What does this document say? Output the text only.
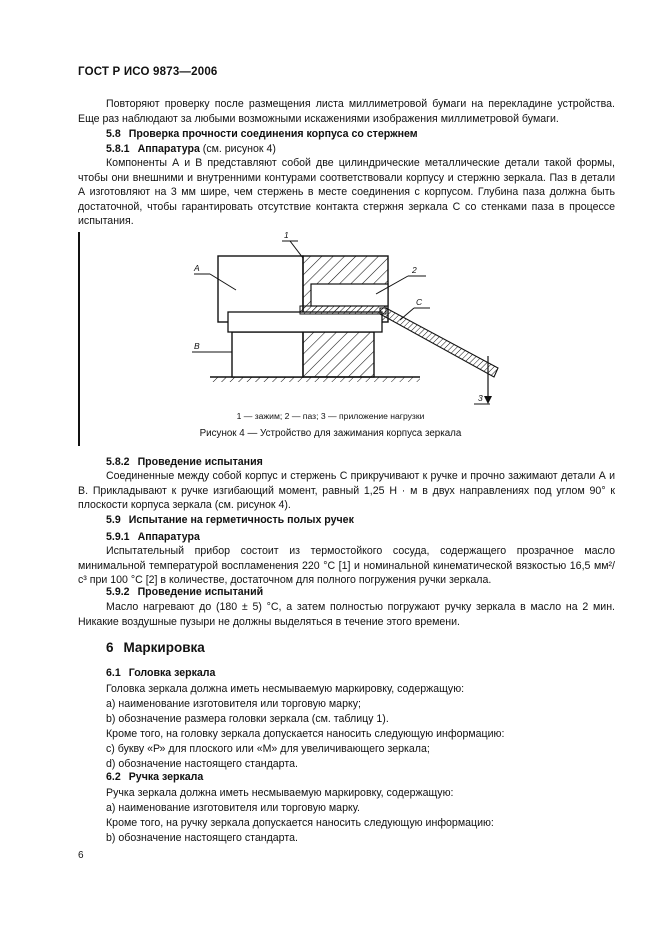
ГОСТ Р ИСО 9873—2006
Повторяют проверку после размещения листа миллиметровой бумаги на перекладине устройства. Еще раз наблюдают за любыми возможными искажениями изображения миллиметровой бумаги.
5.8 Проверка прочности соединения корпуса со стержнем
5.8.1 Аппаратура (см. рисунок 4)
Компоненты А и В представляют собой две цилиндрические металлические детали такой формы, чтобы они внешними и внутренними контурами соответствовали корпусу и стержню зеркала. Паз в детали А изготовляют на 3 мм шире, чем стержень в месте соединения с корпусом. Глубина паза должна быть достаточной, чтобы гарантировать отсутствие контакта стержня зеркала С со стенками паза в процессе испытания.
А
В
1
2
С
3
1 — зажим; 2 — паз; 3 — приложение нагрузки
Рисунок 4 — Устройство для зажимания корпуса зеркала
5.8.2 Проведение испытания
Соединенные между собой корпус и стержень С прикручивают к ручке и прочно зажимают детали А и В. Прикладывают к ручке изгибающий момент, равный 1,25 Н · м в двух направлениях под углом 90° к плоскости корпуса зеркала (см. рисунок 4).
5.9 Испытание на герметичность полых ручек
5.9.1 Аппаратура
Испытательный прибор состоит из термостойкого сосуда, содержащего прозрачное масло минимальной температурой воспламенения 220 °С [1] и номинальной кинематической вязкостью 16,5 мм²/с³ при 100 °С [2] в количестве, достаточном для полного погружения ручки зеркала.
5.9.2 Проведение испытаний
Масло нагревают до (180 ± 5) °С, а затем полностью погружают ручку зеркала в масло на 2 мин. Никакие воздушные пузыри не должны выделяться в течение этого времени.
6 Маркировка
6.1 Головка зеркала
Головка зеркала должна иметь несмываемую маркировку, содержащую:
a) наименование изготовителя или торговую марку;
b) обозначение размера головки зеркала (см. таблицу 1).
Кроме того, на головку зеркала допускается наносить следующую информацию:
c) букву «Р» для плоского или «М» для увеличивающего зеркала;
d) обозначение настоящего стандарта.
6.2 Ручка зеркала
Ручка зеркала должна иметь несмываемую маркировку, содержащую:
a) наименование изготовителя или торговую марку.
Кроме того, на ручку зеркала допускается наносить следующую информацию:
b) обозначение настоящего стандарта.
6
